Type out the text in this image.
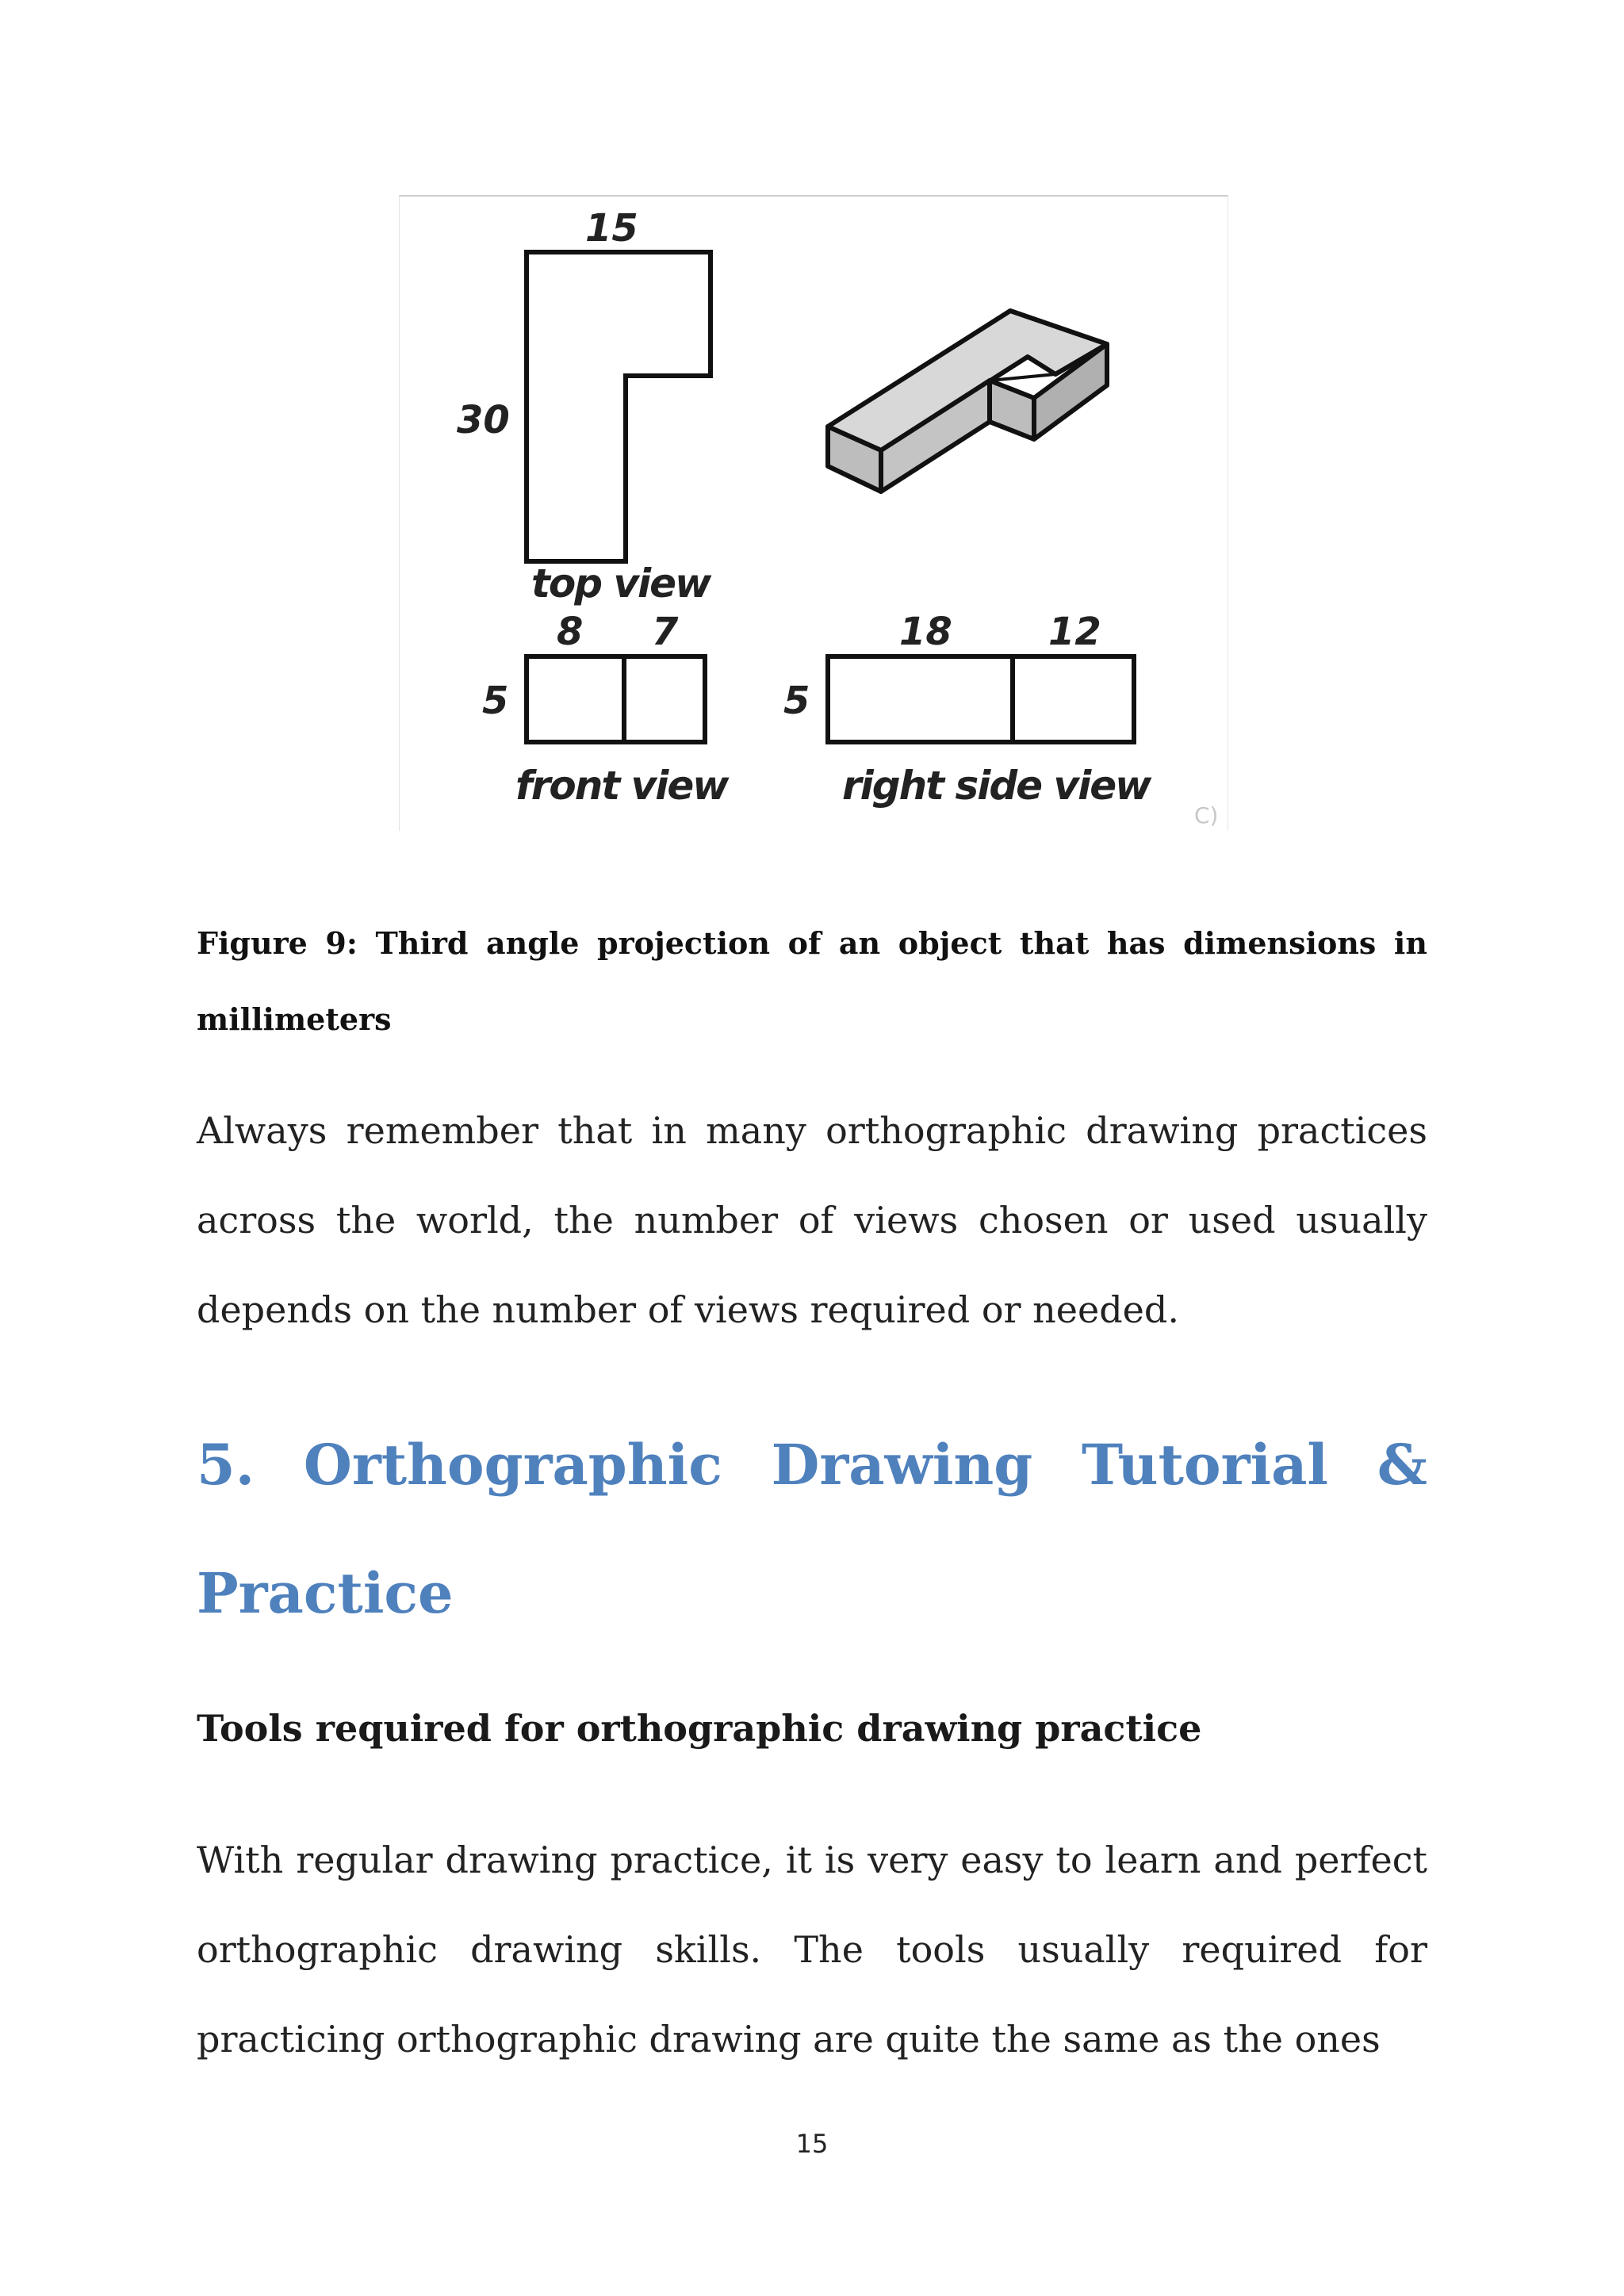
15
30
top view
8 7
5
front view
18	12
5
right side view
C)
Figure 9: Third angle projection of an object that has dimensions in millimeters
Always remember that in many orthographic drawing practices across the world, the number of views chosen or used usually depends on the number of views required or needed.
5. Orthographic Drawing Tutorial & Practice
Tools required for orthographic drawing practice
With regular drawing practice, it is very easy to learn and perfect orthographic drawing skills. The tools usually required for practicing orthographic drawing are quite the same as the ones
15
